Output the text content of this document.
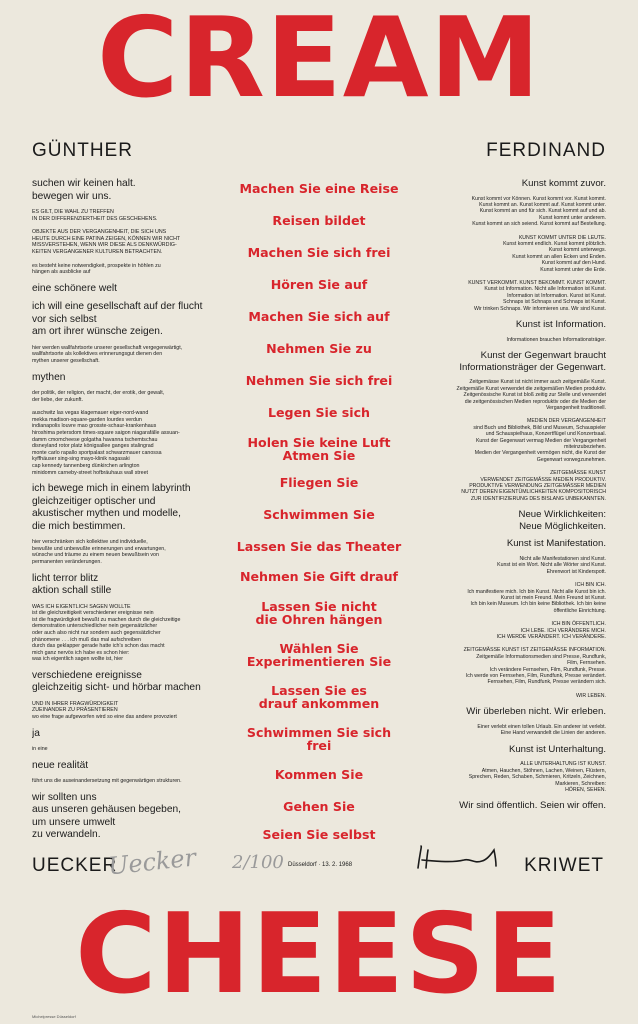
CREAM
GÜNTHER	FERDINAND
suchen wir keinen halt.
bewegen wir uns.
ES GILT, DIE WAHL ZU TREFFEN
IN DER DIFFERENZIERTHEIT DES GESCHEHENS.
OBJEKTE AUS DER VERGANGENHEIT, DIE SICH UNS
HEUTE DURCH EINE PATINA ZEIGEN, KÖNNEN WIR NICHT
MISSVERSTEHEN, WENN WIR DIESE ALS DENKWÜRDIG-
KEITEN VERGANGENER KULTUREN BETRACHTEN.
es besteht keine notwendigkeit, prospekte in höhlen zu
hängen als ausblicke auf
eine schönere welt
ich will eine gesellschaft auf der flucht
vor sich selbst
am ort ihrer wünsche zeigen.
hier werden wallfahrtsorte unserer gesellschaft vergegenwärtigt,
wallfahrtsorte als kollektives erinnerungsgut dienen den
mythen unserer gesellschaft.
mythen
der politik, der religion, der macht, der erotik, der gewalt,
der liebe, der zukunft.
auschwitz las vegas klagemauer eiger-nord-wand
mekka madison-square-garden lourdes verdun
indianapolis louvre mao grosste-schaur-krankenhaus
hiroshima petersdom times-square saigon niagarafälle assuan-
damm cmomcheese golgatha havanna tschemtschau
disneyland rotor platz königsallee ganges stalingrad
monte carlo rapallo sportpalast schwarzmauer canossa
kyffhäuser sing-sing mayo-klinik nagasaki
cap kennedy tannenberg dünkirchen arlington
minidomm carneby-street hofbräuhaus wall street
ich bewege mich in einem labyrinth
gleichzeitiger optischer und
akustischer mythen und modelle,
die mich bestimmen.
hier verschränken sich kollektive und individuelle,
bewußte und unbewußte erinnerungen und erwartungen,
wünsche und träume zu einem neuen bewußtsein von
permanenten veränderungen.
licht terror blitz
aktion schall stille
WAS ICH EIGENTLICH SAGEN WOLLTE
ist die gleichzeitigkeit verschiedener ereignisse nein
ist die fragwürdigkeit bewußt zu machen durch die gleichzeitige
demonstration unterschiedlicher nein gegensätzlicher
oder auch also nicht nur sondern auch gegensätzlicher
phänomene . . . ich muß das mal aufschreiben
durch das geklapper gerade hatte ich's schon das macht
mich ganz nervös ich habe es schon hier:
was ich eigentlich sagen wollte ist, hier
verschiedene ereignisse
gleichzeitig sicht- und hörbar machen
UND IN IHRER FRAGWÜRDIGKEIT
ZUEINANDER ZU PRÄSENTIEREN
wo eine frage aufgeworfen wird so eine das andere provoziert
ja
in eine
neue realität
führt uns die auseinandersetzung mit gegenwärtigen strukturen.
wir sollten uns
aus unseren gehäusen begeben,
um unsere umwelt
zu verwandeln.
Machen Sie eine Reise
Reisen bildet
Machen Sie sich frei
Hören Sie auf
Machen Sie sich auf
Nehmen Sie zu
Nehmen Sie sich frei
Legen Sie sich
Holen Sie keine Luft
Atmen Sie
Fliegen Sie
Schwimmen Sie
Lassen Sie das Theater
Nehmen Sie Gift drauf
Lassen Sie nicht
die Ohren hängen
Wählen Sie
Experimentieren Sie
Lassen Sie es
drauf ankommen
Schwimmen Sie sich
frei
Kommen Sie
Gehen Sie
Seien Sie selbst
Kunst kommt zuvor.
Kunst kommt vor Können. Kunst kommt vor. Kunst kommt.
Kunst kommt an. Kunst kommt auf. Kunst kommt unter.
Kunst kommt an und für sich. Kunst kommt auf und ab.
Kunst kommt unter anderem.
Kunst kommt an sich seiend. Kunst kommt auf Bestellung.
KUNST KOMMT UNTER DIE LEUTE.
Kunst kommt endlich. Kunst kommt plötzlich.
Kunst kommt unterwegs.
Kunst kommt an allen Ecken und Enden.
Kunst kommt auf den Hund.
Kunst kommt unter die Erde.
KUNST VERKOMMT. KUNST BEKOMMT. KUNST KOMMT.
Kunst ist Information. Nicht alle Information ist Kunst.
Information ist Information. Kunst ist Kunst.
Schnaps ist Schnaps und Schnaps ist Kunst.
Wir trinken Schnaps. Wir informieren uns. Wir sind Kunst.
Kunst ist Information.
Informationen brauchen Informationsträger.
Kunst der Gegenwart braucht
Informationsträger der Gegenwart.
Zeitgemässe Kunst ist nicht immer auch zeitgemäße Kunst.
Zeitgemäße Kunst verwendet die zeitgemäßen Medien produktiv.
Zeitgenössische Kunst ist bloß zeitig zur Stelle und verwendet
die zeitgenössischen Medien reproduktiv oder die Medien der
Vergangenheit traditionell.
MEDIEN DER VERGANGENHEIT
sind Buch und Bibliothek, Bild und Museum, Schauspieler
und Schauspielhaus, Konzertflügel und Konzertsaal.
Kunst der Gegenwart vermag Medien der Vergangenheit
miteinzubeziehen.
Medien der Vergangenheit vermögen nicht, die Kunst der
Gegenwart vorwegzunehmen.
ZEITGEMÄSSE KUNST
VERWENDET ZEITGEMÄSSE MEDIEN PRODUKTIV.
PRODUKTIVE VERWENDUNG ZEITGEMÄSSER MEDIEN
NUTZT DEREN EIGENTÜMLICHKEITEN KOMPOSITORISCH
ZUR IDENTIFIZIERUNG DES BISLANG UNBEKANNTEN.
Neue Wirklichkeiten:
Neue Möglichkeiten.
Kunst ist Manifestation.
Nicht alle Manifestationen sind Kunst.
Kunst ist ein Wort. Nicht alle Wörter sind Kunst.
Ehrenwort ist Kinderspott.
ICH BIN ICH.
Ich manifestiere mich. Ich bin Kunst. Nicht alle Kunst bin ich.
Kunst ist mein Freund. Mein Freund ist Kunst.
Ich bin kein Museum. Ich bin keine Bibliothek. Ich bin keine
öffentliche Einrichtung.
ICH BIN ÖFFENTLICH.
ICH LEBE. ICH VERÄNDERE MICH.
ICH WERDE VERÄNDERT. ICH VERÄNDERE.
ZEITGEMÄSSE KUNST IST ZEITGEMÄSSE INFORMATION.
Zeitgemäße Informationsmedien sind Presse, Rundfunk,
Film, Fernsehen.
Ich verändere Fernsehen, Film, Rundfunk, Presse.
Ich werde von Fernsehen, Film, Rundfunk, Presse verändert.
Fernsehen, Film, Rundfunk, Presse verändern sich.
WIR LEBEN.
Wir überleben nicht. Wir erleben.
Einer verlebt einen tollen Urlaub. Ein anderer ist verlebt.
Eine Hand verwandelt die Linien der anderen.
Kunst ist Unterhaltung.
ALLE UNTERHALTUNG IST KUNST.
Atmen, Hauchen, Stöhnen, Lachen, Weinen, Flüstern,
Sprechen, Reden, Schaben, Schmieren, Kritzeln, Zeichnen,
Markieren, Schreiben:
HÖREN, SEHEN.
Wir sind öffentlich. Seien wir offen.
UECKER
Uecker 2/100 Düsseldorf · 13. 2. 1968	KRIWET
CHEESE
Michelpresse Düsseldorf
